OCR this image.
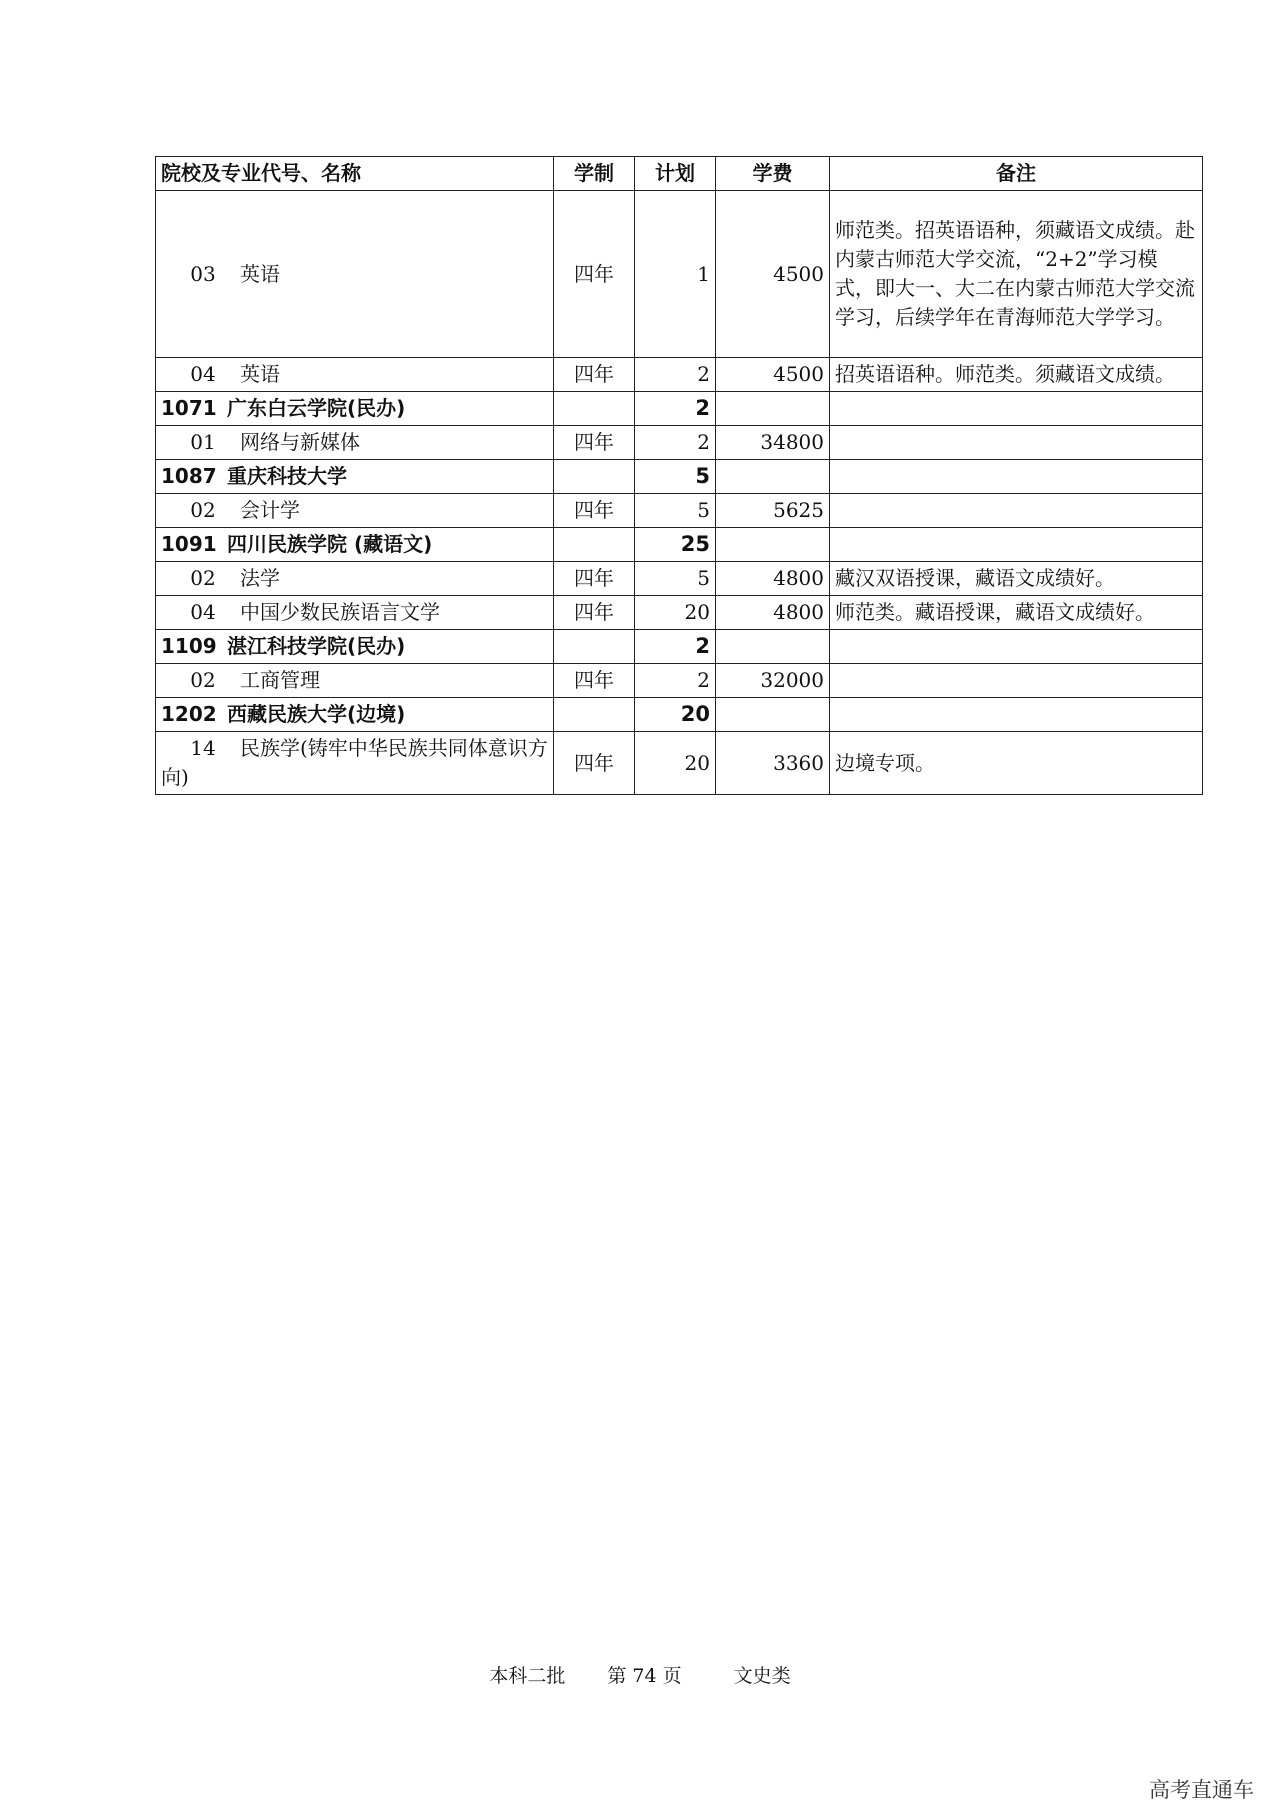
院校及专业代号、名称	学制	计划	学费	备注
03 英语	四年	1	4500	师范类。招英语语种，须藏语文成绩。赴内蒙古师范大学交流，“2+2”学习模式，即大一、大二在内蒙古师范大学交流学习，后续学年在青海师范大学学习。
04 英语	四年	2	4500	招英语语种。师范类。须藏语文成绩。
1071 广东白云学院(民办)		2		
01 网络与新媒体	四年	2	34800	
1087 重庆科技大学		5		
02 会计学	四年	5	5625	
1091 四川民族学院 (藏语文)		25		
02 法学	四年	5	4800	藏汉双语授课，藏语文成绩好。
04 中国少数民族语言文学	四年	20	4800	师范类。藏语授课，藏语文成绩好。
1109 湛江科技学院(民办)		2		
02 工商管理	四年	2	32000	
1202 西藏民族大学(边境)		20		
14 民族学(铸牢中华民族共同体意识方向)	四年	20	3360	边境专项。
本科二批 第 74 页	文史类
高考直通车
